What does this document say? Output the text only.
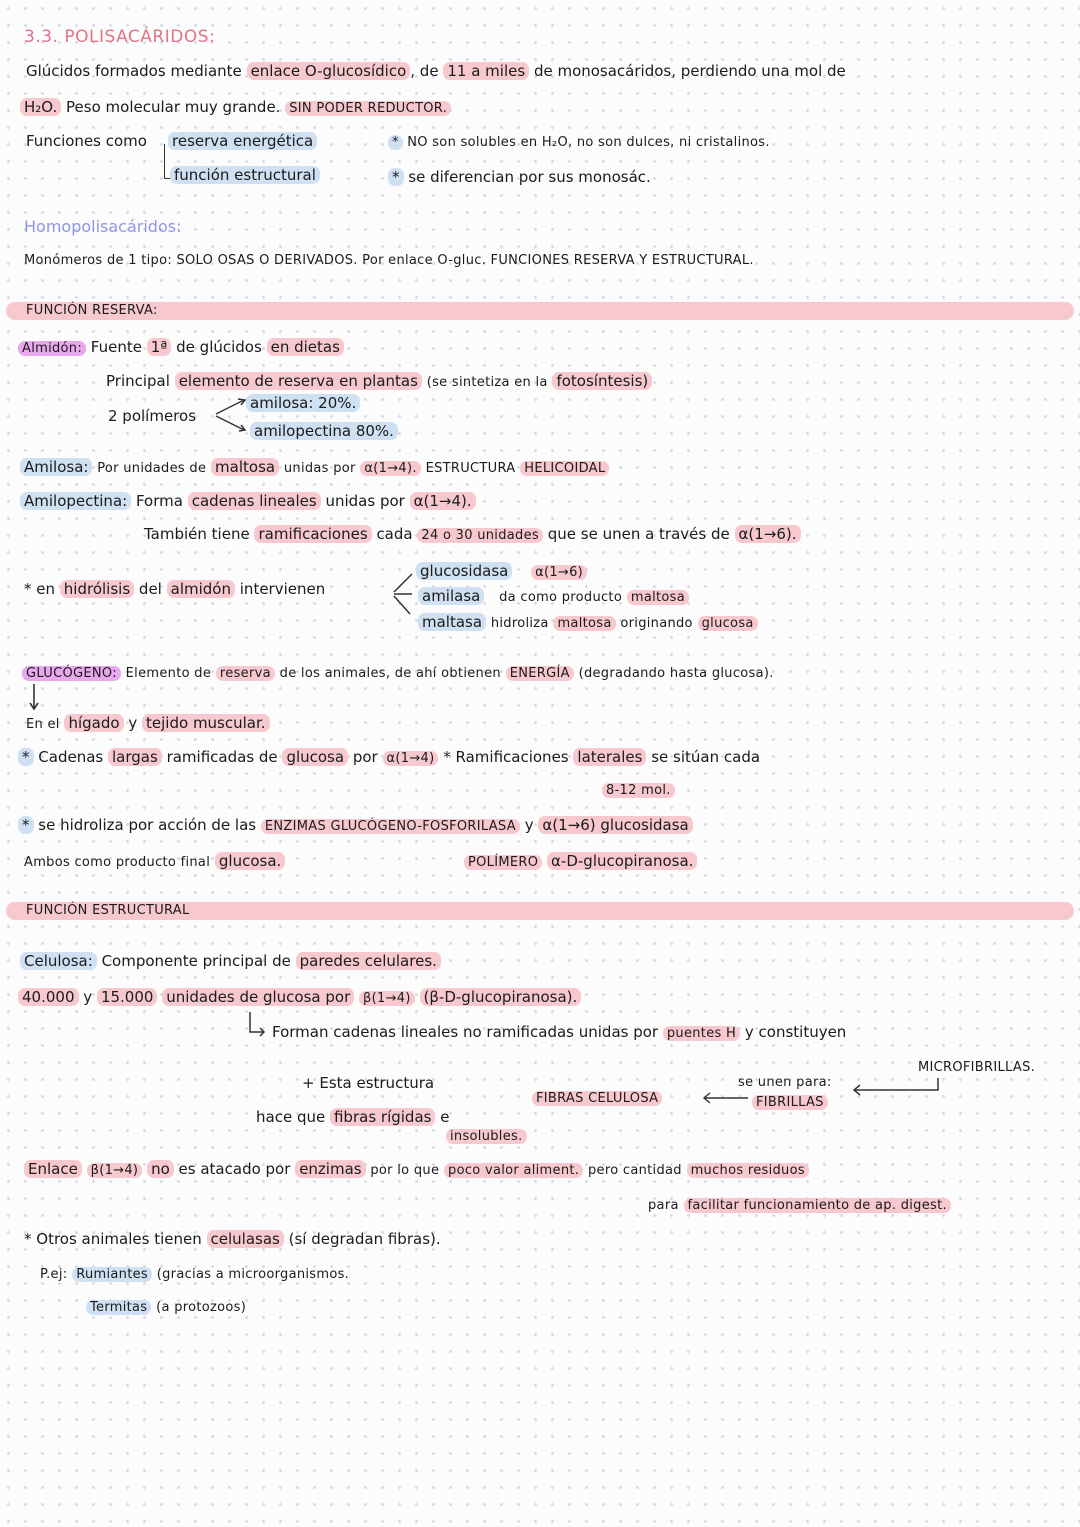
3.3. POLISACÁRIDOS:
Glúcidos formados mediante enlace O-glucosídico , de 11 a miles de monosacáridos, perdiendo una mol de
H₂O. Peso molecular muy grande. SIN PODER REDUCTOR.
Funciones como reserva energética
función estructural
* NO son solubles en H₂O, no son dulces, ni cristalinos.
* se diferencian por sus monosác.
Homopolisacáridos:
Monómeros de 1 tipo: SOLO OSAS O DERIVADOS. Por enlace O-gluc. FUNCIONES RESERVA Y ESTRUCTURAL.
FUNCIÓN RESERVA:
Almidón: Fuente 1ª de glúcidos en dietas
Principal elemento de reserva en plantas (se sintetiza en la fotosíntesis)
2 polímeros
amilosa: 20%.
amilopectina 80%.
Amilosa: Por unidades de maltosa unidas por α(1→4). ESTRUCTURA HELICOIDAL
Amilopectina: Forma cadenas lineales unidas por α(1→4).
También tiene ramificaciones cada 24 o 30 unidades que se unen a través de α(1→6).
* en hidrólisis del almidón intervienen
glucosidasa α(1→6)
amilasa da como producto maltosa
maltasa hidroliza maltosa originando glucosa
GLUCÓGENO: Elemento de reserva de los animales, de ahí obtienen ENERGÍA (degradando hasta glucosa).
En el hígado y tejido muscular.
* Cadenas largas ramificadas de glucosa por α(1→4) * Ramificaciones laterales se sitúan cada
8-12 mol.
* se hidroliza por acción de las ENZIMAS GLUCÓGENO-FOSFORILASA y α(1→6) glucosidasa
Ambos como producto final glucosa.	POLÍMERO α-D-glucopiranosa.
FUNCIÓN ESTRUCTURAL
Celulosa: Componente principal de paredes celulares.
40.000 y 15.000 unidades de glucosa por β(1→4) (β-D-glucopiranosa).
Forman cadenas lineales no ramificadas unidas por puentes H y constituyen
MICROFIBRILLAS.
+ Esta estructura
FIBRAS CELULOSA
se unen para:
FIBRILLAS
hace que fibras rígidas e
insolubles.
Enlace β(1→4) no es atacado por enzimas por lo que poco valor aliment. pero cantidad muchos residuos
para facilitar funcionamiento de ap. digest.
* Otros animales tienen celulasas (sí degradan fibras).
P.ej: Rumiantes (gracias a microorganismos.
Termitas (a protozoos)
